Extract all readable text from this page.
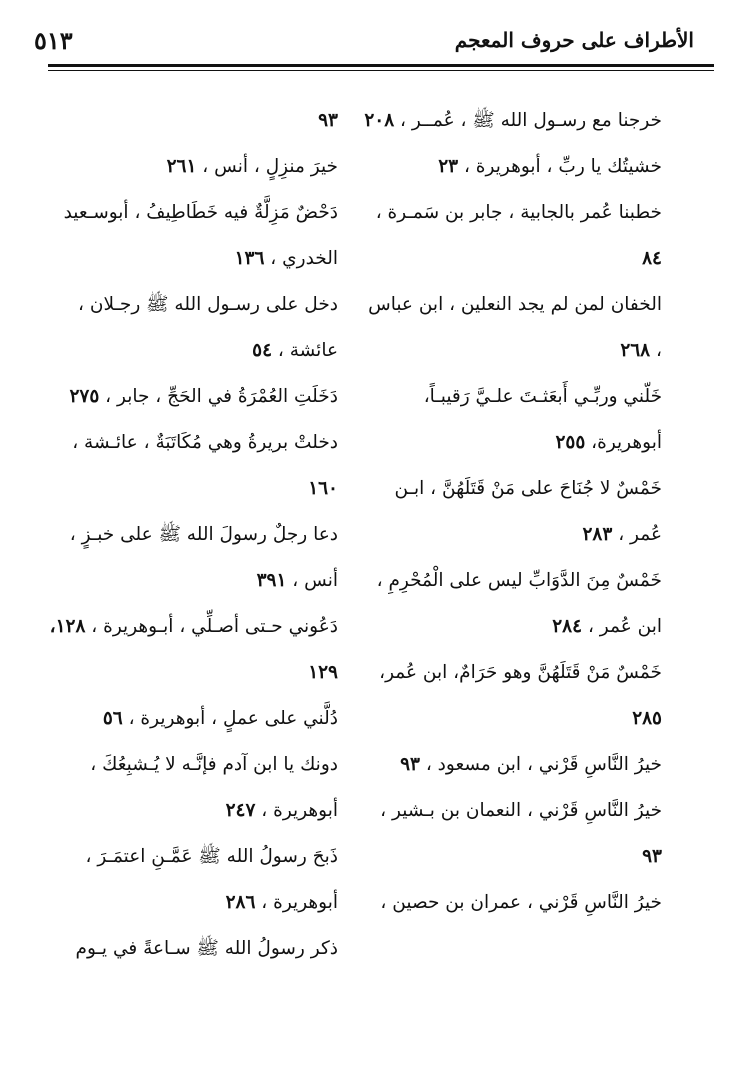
الأطراف على حروف المعجم
٥١٣

خرجنا مع رسـول الله ﷺ ، عُمــر ، ٢٠٨

خشيتُك يا ربِّ ، أبوهريرة ، ٢٣

خطبنا عُمر بالجابية ، جابر بن سَمـرة ، ٨٤

الخفان لمن لم يجد النعلين ، ابن عباس ، ٢٦٨

خَلّني وربِّـي أَبعَثـتَ علـيَّ رَقيبـاً، أبوهريرة، ٢٥٥

خَمْسٌ لا جُنَاحَ على مَنْ قَتَلَهُنَّ ، ابـن عُمر ، ٢٨٣

خَمْسٌ مِنَ الدَّوَابِّ ليس على الْمُحْرِمِ ، ابن عُمر ، ٢٨٤

خَمْسٌ مَنْ قَتَلَهُنَّ وهو حَرَامٌ، ابن عُمر، ٢٨٥

خيرُ النَّاسِ قَرْني ، ابن مسعود ، ٩٣

خيرُ النَّاسِ قَرْني ، النعمان بن بـشير ، ٩٣

خيرُ النَّاسِ قَرْني ، عمران بن حصين ،

٩٣

خيرَ منزِلٍ ، أنس ، ٢٦١

دَحْضٌ مَزِلَّةٌ فيه خَطَاطِيفُ ، أبوسـعيد الخدري ، ١٣٦

دخل على رسـول الله ﷺ رجـلان ، عائشة ، ٥٤

دَخَلَتِ العُمْرَةُ في الحَجِّ ، جابر ، ٢٧٥

دخلتْ بريرةُ وهي مُكَاتَبَةٌ ، عائـشة ، ١٦٠

دعا رجلٌ رسولَ الله ﷺ على خبـزٍ ، أنس ، ٣٩١

دَعُوني حـتى أصـلِّي ، أبـوهريرة ، ١٢٨، ١٢٩

دُلَّني على عملٍ ، أبوهريرة ، ٥٦

دونك يا ابن آدم فإنَّـه لا يُـشبِعُكَ ، أبوهريرة ، ٢٤٧

ذَبحَ رسولُ الله ﷺ عَمَّـنِ اعتمَـرَ ، أبوهريرة ، ٢٨٦

ذكر رسولُ الله ﷺ سـاعةً في يـوم
